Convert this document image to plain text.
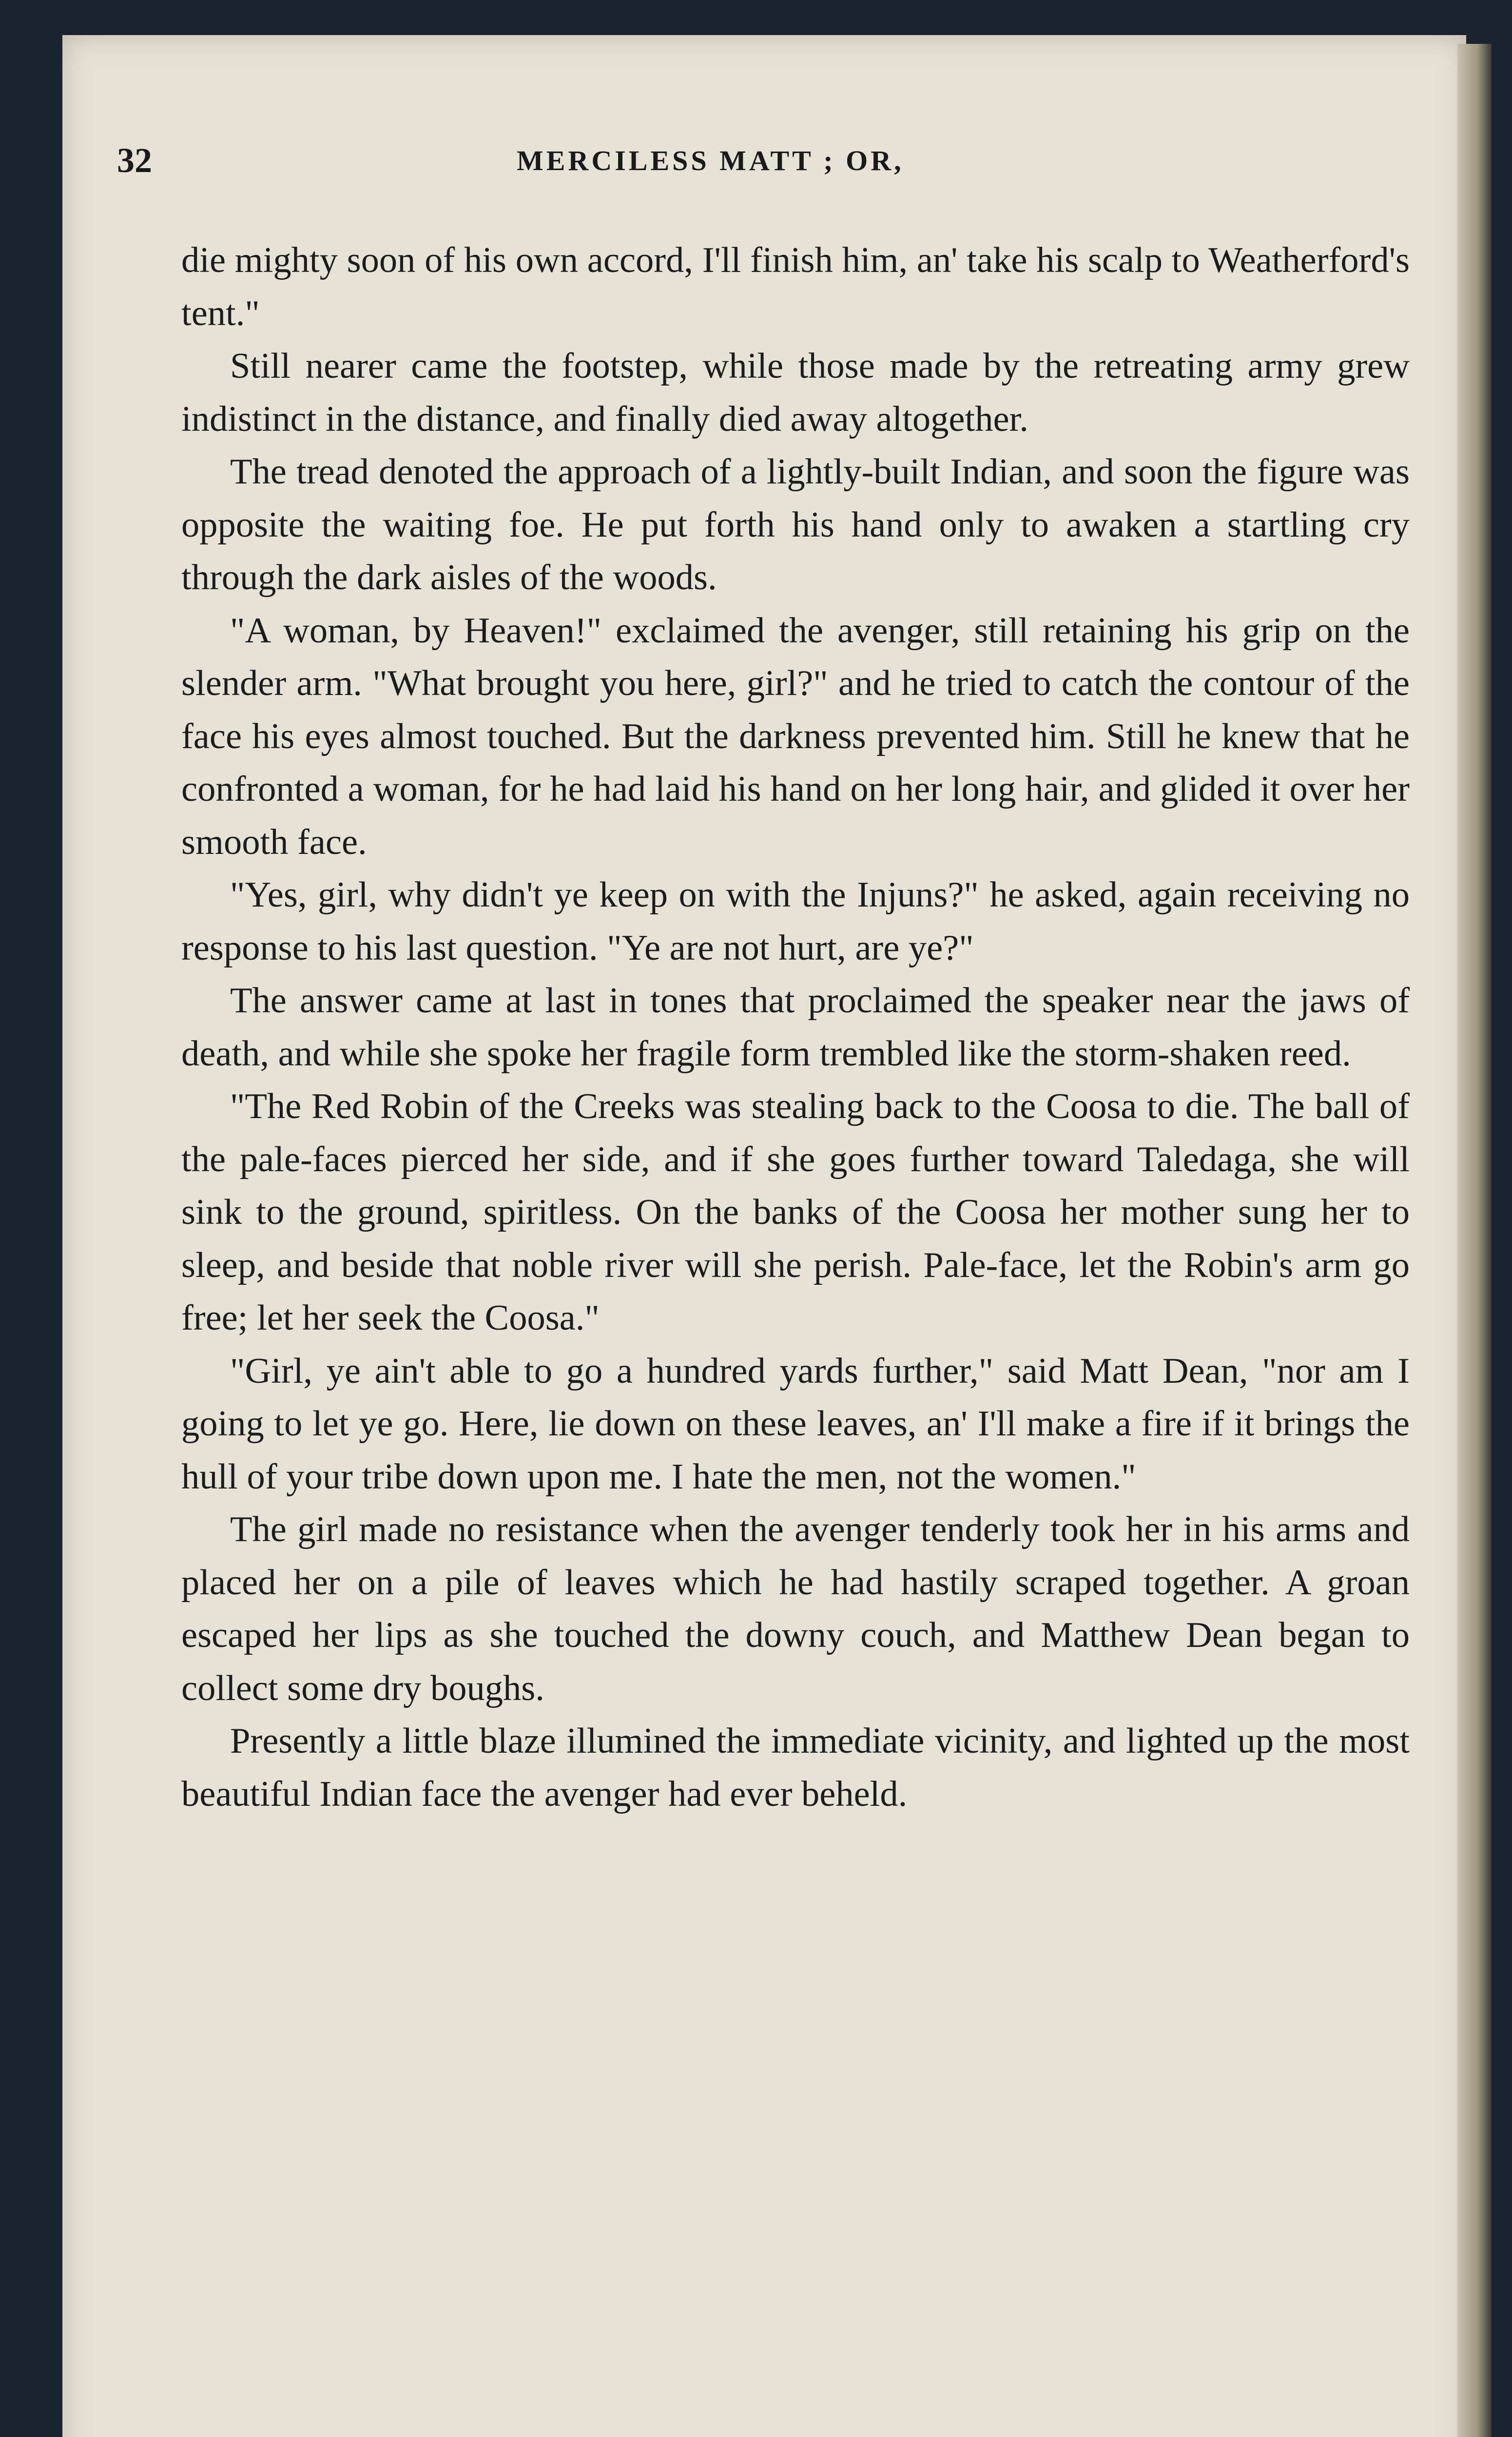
32	MERCILESS MATT ; OR,

die mighty soon of his own accord, I'll finish him, an' take his scalp to Weatherford's tent."

Still nearer came the footstep, while those made by the retreating army grew indistinct in the distance, and finally died away altogether.

The tread denoted the approach of a lightly-built Indian, and soon the figure was opposite the waiting foe. He put forth his hand only to awaken a startling cry through the dark aisles of the woods.

"A woman, by Heaven!" exclaimed the avenger, still retaining his grip on the slender arm. "What brought you here, girl?" and he tried to catch the contour of the face his eyes almost touched. But the darkness prevented him. Still he knew that he confronted a woman, for he had laid his hand on her long hair, and glided it over her smooth face.

"Yes, girl, why didn't ye keep on with the Injuns?" he asked, again receiving no response to his last question. "Ye are not hurt, are ye?"

The answer came at last in tones that proclaimed the speaker near the jaws of death, and while she spoke her fragile form trembled like the storm-shaken reed.

"The Red Robin of the Creeks was stealing back to the Coosa to die. The ball of the pale-faces pierced her side, and if she goes further toward Taledaga, she will sink to the ground, spiritless. On the banks of the Coosa her mother sung her to sleep, and beside that noble river will she perish. Pale-face, let the Robin's arm go free; let her seek the Coosa."

"Girl, ye ain't able to go a hundred yards further," said Matt Dean, "nor am I going to let ye go. Here, lie down on these leaves, an' I'll make a fire if it brings the hull of your tribe down upon me. I hate the men, not the women."

The girl made no resistance when the avenger tenderly took her in his arms and placed her on a pile of leaves which he had hastily scraped together. A groan escaped her lips as she touched the downy couch, and Matthew Dean began to collect some dry boughs.

Presently a little blaze illumined the immediate vicinity, and lighted up the most beautiful Indian face the avenger had ever beheld.
